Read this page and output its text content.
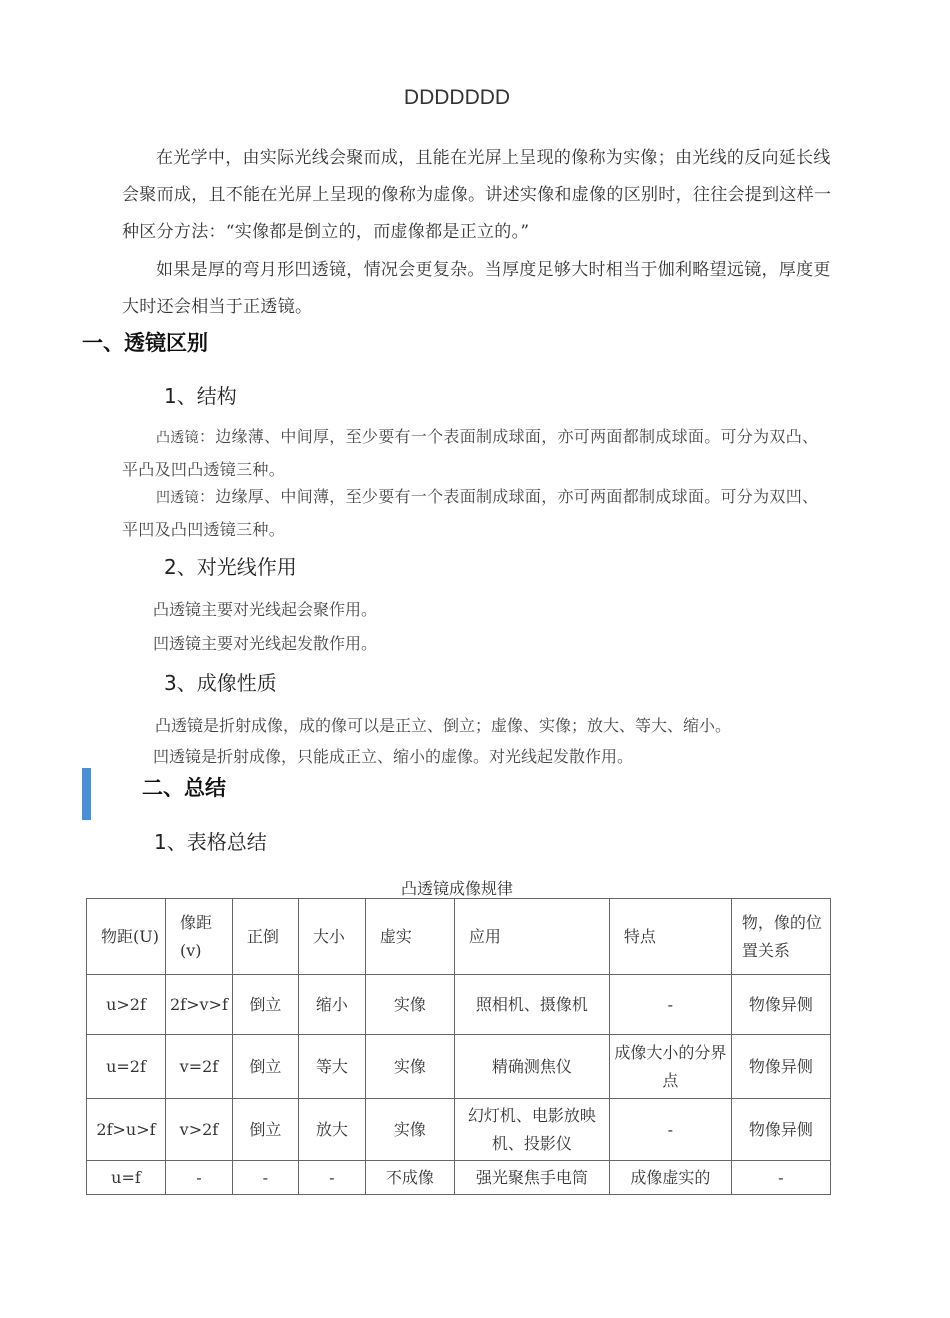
DDDDDDD
在光学中，由实际光线会聚而成，且能在光屏上呈现的像称为实像；由光线的反向延长线会聚而成，且不能在光屏上呈现的像称为虚像。讲述实像和虚像的区别时，往往会提到这样一种区分方法：“实像都是倒立的，而虚像都是正立的。”
如果是厚的弯月形凹透镜，情况会更复杂。当厚度足够大时相当于伽利略望远镜，厚度更大时还会相当于正透镜。
一、透镜区别
1、结构
凸透镜：边缘薄、中间厚，至少要有一个表面制成球面，亦可两面都制成球面。可分为双凸、平凸及凹凸透镜三种。
凹透镜：边缘厚、中间薄，至少要有一个表面制成球面，亦可两面都制成球面。可分为双凹、平凹及凸凹透镜三种。
2、对光线作用
凸透镜主要对光线起会聚作用。
凹透镜主要对光线起发散作用。
3、成像性质
凸透镜是折射成像，成的像可以是正立、倒立；虚像、实像；放大、等大、缩小。
凹透镜是折射成像，只能成正立、缩小的虚像。对光线起发散作用。
二、总结
1、表格总结
凸透镜成像规律
物距(U)	像距(v)	正倒	大小	虚实	应用	特点	物，像的位置关系
u>2f	2f>v>f	倒立	缩小	实像	照相机、摄像机	-	物像异侧
u=2f	v=2f	倒立	等大	实像	精确测焦仪	成像大小的分界点	物像异侧
2f>u>f	v>2f	倒立	放大	实像	幻灯机、电影放映机、投影仪	-	物像异侧
u=f	-	-	-	不成像	强光聚焦手电筒	成像虚实的	-
